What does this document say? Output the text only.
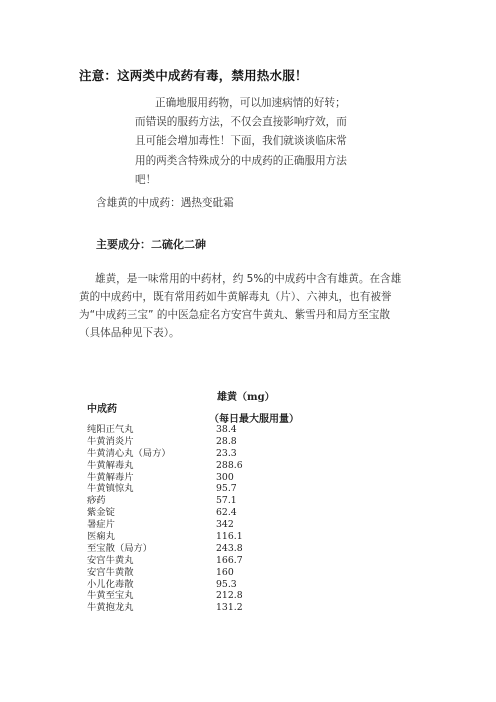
注意：这两类中成药有毒，禁用热水服！
正确地服用药物，可以加速病情的好转；
而错误的服药方法，不仅会直接影响疗效，而
且可能会增加毒性！下面，我们就谈谈临床常
用的两类含特殊成分的中成药的正确服用方法
吧！
含雄黄的中成药：遇热变砒霜
主要成分：二硫化二砷
雄黄，是一味常用的中药材，约 5%的中成药中含有雄黄。在含雄
黄的中成药中，既有常用药如牛黄解毒丸（片）、六神丸，也有被誉
为“中成药三宝” 的中医急症名方安宫牛黄丸、紫雪丹和局方至宝散
（具体品种见下表）。
雄黄（mg）
中成药
（每日最大服用量）
纯阳正气丸	38.4
牛黄消炎片	28.8
牛黄清心丸（局方）	23.3
牛黄解毒丸	288.6
牛黄解毒片	300
牛黄镇惊丸	95.7
痧药	57.1
紫金锭	62.4
暑症片	342
医痫丸	116.1
至宝散（局方）	243.8
安宫牛黄丸	166.7
安宫牛黄散	160
小儿化毒散	95.3
牛黄至宝丸	212.8
牛黄抱龙丸	131.2
